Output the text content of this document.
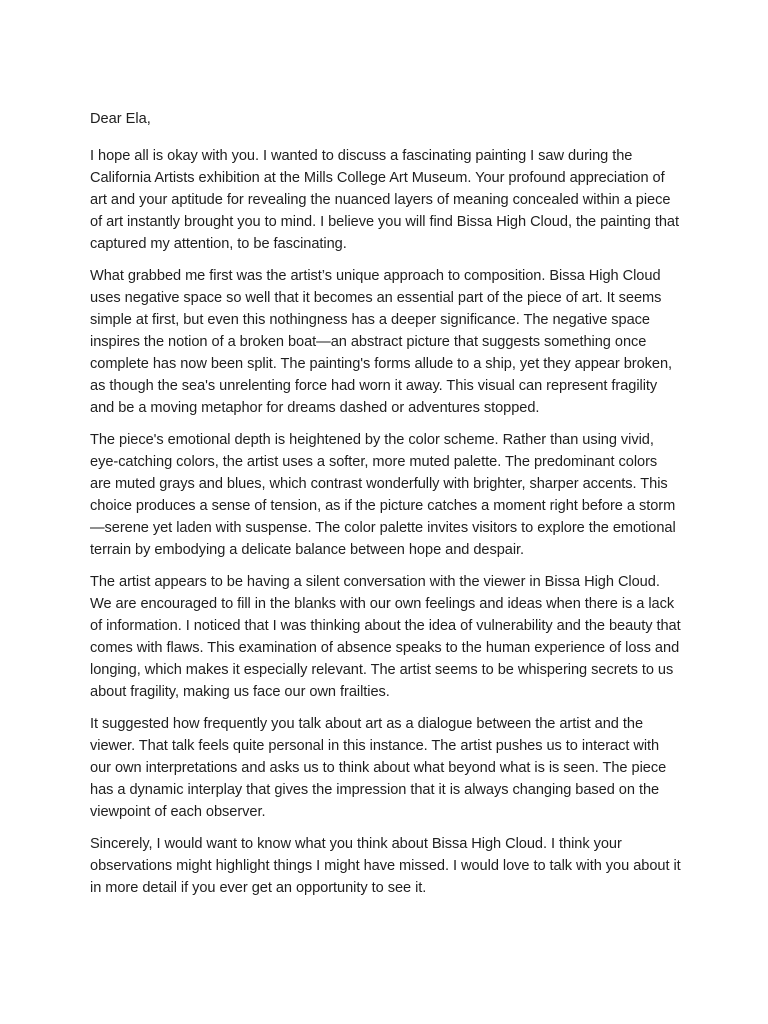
Dear Ela,

I hope all is okay with you. I wanted to discuss a fascinating painting I saw during the California Artists exhibition at the Mills College Art Museum. Your profound appreciation of art and your aptitude for revealing the nuanced layers of meaning concealed within a piece of art instantly brought you to mind. I believe you will find Bissa High Cloud, the painting that captured my attention, to be fascinating.

What grabbed me first was the artist’s unique approach to composition. Bissa High Cloud uses negative space so well that it becomes an essential part of the piece of art. It seems simple at first, but even this nothingness has a deeper significance. The negative space inspires the notion of a broken boat—an abstract picture that suggests something once complete has now been split. The painting's forms allude to a ship, yet they appear broken, as though the sea's unrelenting force had worn it away. This visual can represent fragility and be a moving metaphor for dreams dashed or adventures stopped.

The piece's emotional depth is heightened by the color scheme. Rather than using vivid, eye-catching colors, the artist uses a softer, more muted palette. The predominant colors are muted grays and blues, which contrast wonderfully with brighter, sharper accents. This choice produces a sense of tension, as if the picture catches a moment right before a storm—serene yet laden with suspense. The color palette invites visitors to explore the emotional terrain by embodying a delicate balance between hope and despair.

The artist appears to be having a silent conversation with the viewer in Bissa High Cloud. We are encouraged to fill in the blanks with our own feelings and ideas when there is a lack of information. I noticed that I was thinking about the idea of vulnerability and the beauty that comes with flaws. This examination of absence speaks to the human experience of loss and longing, which makes it especially relevant. The artist seems to be whispering secrets to us about fragility, making us face our own frailties.

It suggested how frequently you talk about art as a dialogue between the artist and the viewer. That talk feels quite personal in this instance. The artist pushes us to interact with our own interpretations and asks us to think about what beyond what is is seen. The piece has a dynamic interplay that gives the impression that it is always changing based on the viewpoint of each observer.

Sincerely, I would want to know what you think about Bissa High Cloud. I think your observations might highlight things I might have missed. I would love to talk with you about it in more detail if you ever get an opportunity to see it.
